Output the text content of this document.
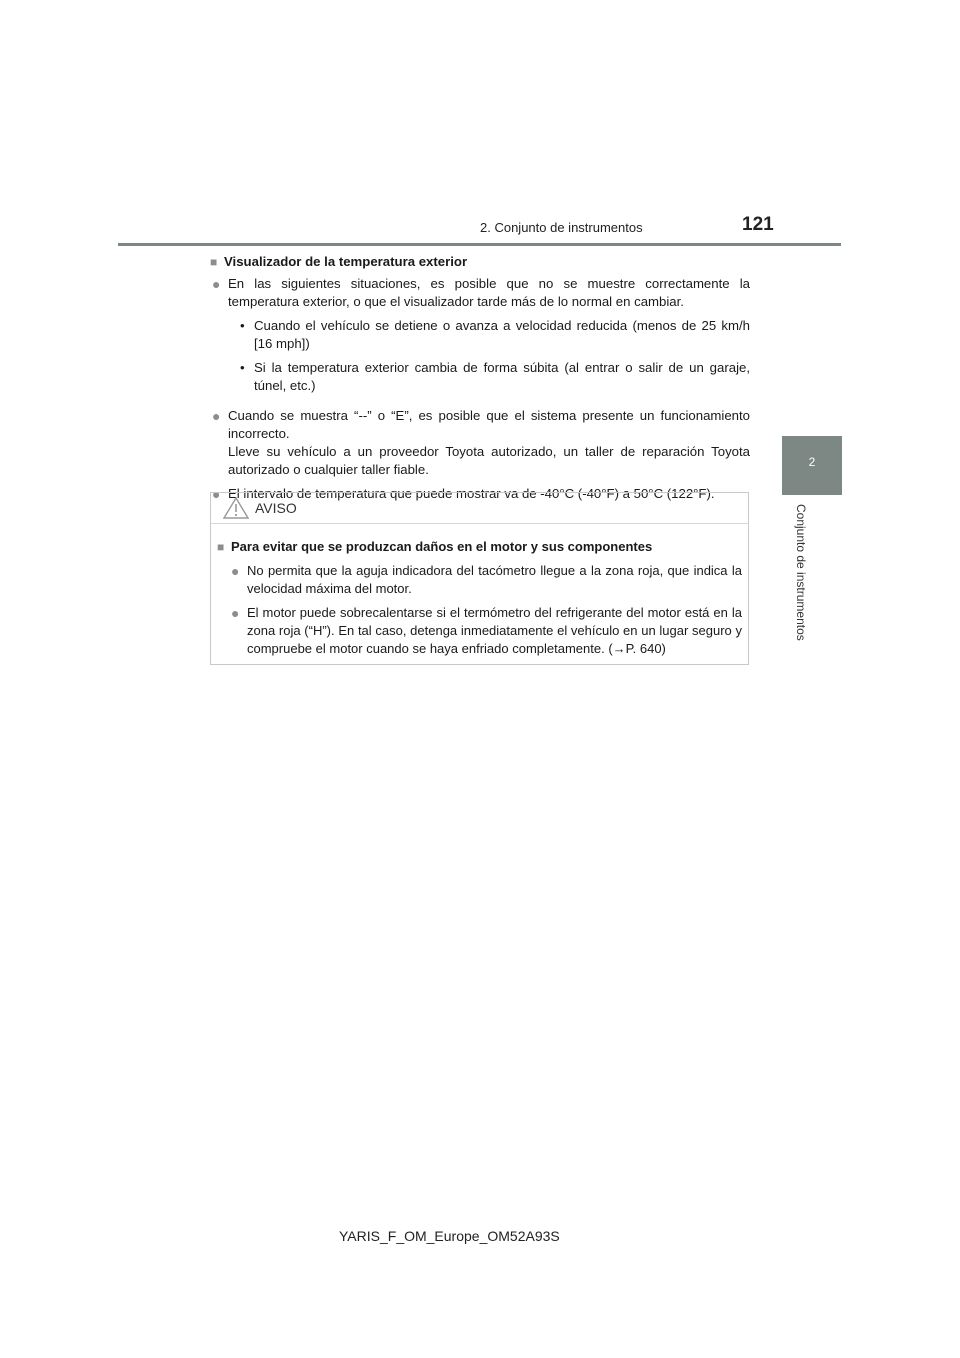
2. Conjunto de instrumentos	121
2
Conjunto de instrumentos
■ Visualizador de la temperatura exterior
● En las siguientes situaciones, es posible que no se muestre correctamente la temperatura exterior, o que el visualizador tarde más de lo normal en cambiar.
• Cuando el vehículo se detiene o avanza a velocidad reducida (menos de 25 km/h [16 mph])
• Si la temperatura exterior cambia de forma súbita (al entrar o salir de un garaje, túnel, etc.)
● Cuando se muestra “--” o “E”, es posible que el sistema presente un funcionamiento incorrecto.
Lleve su vehículo a un proveedor Toyota autorizado, un taller de reparación Toyota autorizado o cualquier taller fiable.
● El intervalo de temperatura que puede mostrar va de -40°C (-40°F) a 50°C (122°F).
AVISO
■ Para evitar que se produzcan daños en el motor y sus componentes
● No permita que la aguja indicadora del tacómetro llegue a la zona roja, que indica la velocidad máxima del motor.
● El motor puede sobrecalentarse si el termómetro del refrigerante del motor está en la zona roja (“H”). En tal caso, detenga inmediatamente el vehículo en un lugar seguro y compruebe el motor cuando se haya enfriado completamente. (→P. 640)
YARIS_F_OM_Europe_OM52A93S
